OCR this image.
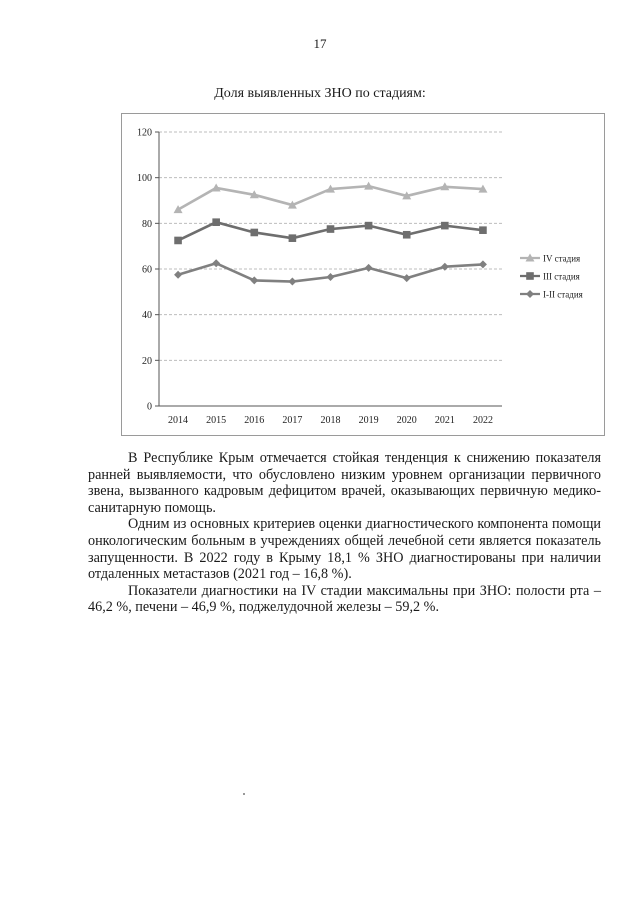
17
Доля выявленных ЗНО по стадиям:
0
20
40
60
80
100
120
2014 2015 2016 2017 2018 2019 2020 2021 2022
IV стадия
III стадия
I-II стадия

В Республике Крым отмечается стойкая тенденция к снижению показателя ранней выявляемости, что обусловлено низким уровнем организации первичного звена, вызванного кадровым дефицитом врачей, оказывающих первичную медико-санитарную помощь.

Одним из основных критериев оценки диагностического компонента помощи онкологическим больным в учреждениях общей лечебной сети является показатель запущенности. В 2022 году в Крыму 18,1 % ЗНО диагностированы при наличии отдаленных метастазов (2021 год – 16,8 %).

Показатели диагностики на IV стадии максимальны при ЗНО: полости рта – 46,2 %, печени – 46,9 %, поджелудочной железы – 59,2 %.
